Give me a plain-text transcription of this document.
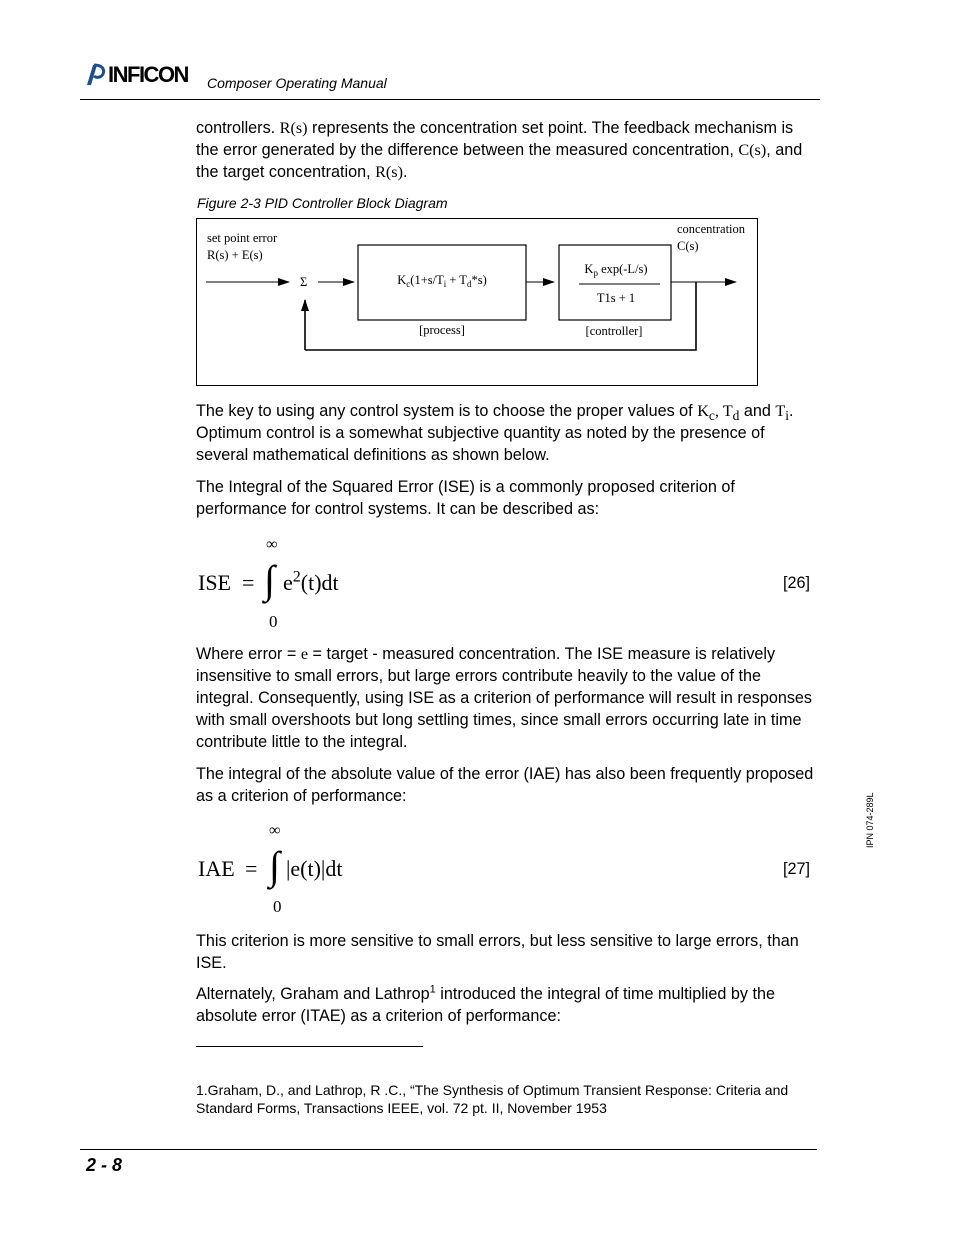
INFICON Composer Operating Manual

controllers. R(s) represents the concentration set point. The feedback mechanism is the error generated by the difference between the measured concentration, C(s), and the target concentration, R(s).

Figure 2-3 PID Controller Block Diagram
set point error
R(s) + E(s)
Σ	$K_c(1+s/T_i + T_d*s)$
[process]
$K_p$ exp(-L/s)
T1s + 1
[controller]
concentration
C(s)

The key to using any control system is to choose the proper values of $K_c$, $T_d$ and $T_i$. Optimum control is a somewhat subjective quantity as noted by the presence of several mathematical definitions as shown below.

The Integral of the Squared Error (ISE) is a commonly proposed criterion of performance for control systems. It can be described as:
∞
ISE = ∫ $e^2(t)dt$
0
[26]

Where error = e = target - measured concentration. The ISE measure is relatively insensitive to small errors, but large errors contribute heavily to the value of the integral. Consequently, using ISE as a criterion of performance will result in responses with small overshoots but long settling times, since small errors occurring late in time contribute little to the integral.

The integral of the absolute value of the error (IAE) has also been frequently proposed as a criterion of performance:
∞
IAE = ∫ |e(t)|dt
0
[27]
This criterion is more sensitive to small errors, but less sensitive to large errors, than ISE.

Alternately, Graham and Lathrop$^1$ introduced the integral of time multiplied by the absolute error (ITAE) as a criterion of performance:

1.Graham, D., and Lathrop, R .C., “The Synthesis of Optimum Transient Response: Criteria and Standard Forms, Transactions IEEE, vol. 72 pt. II, November 1953
2 - 8
IPN 074-289L
